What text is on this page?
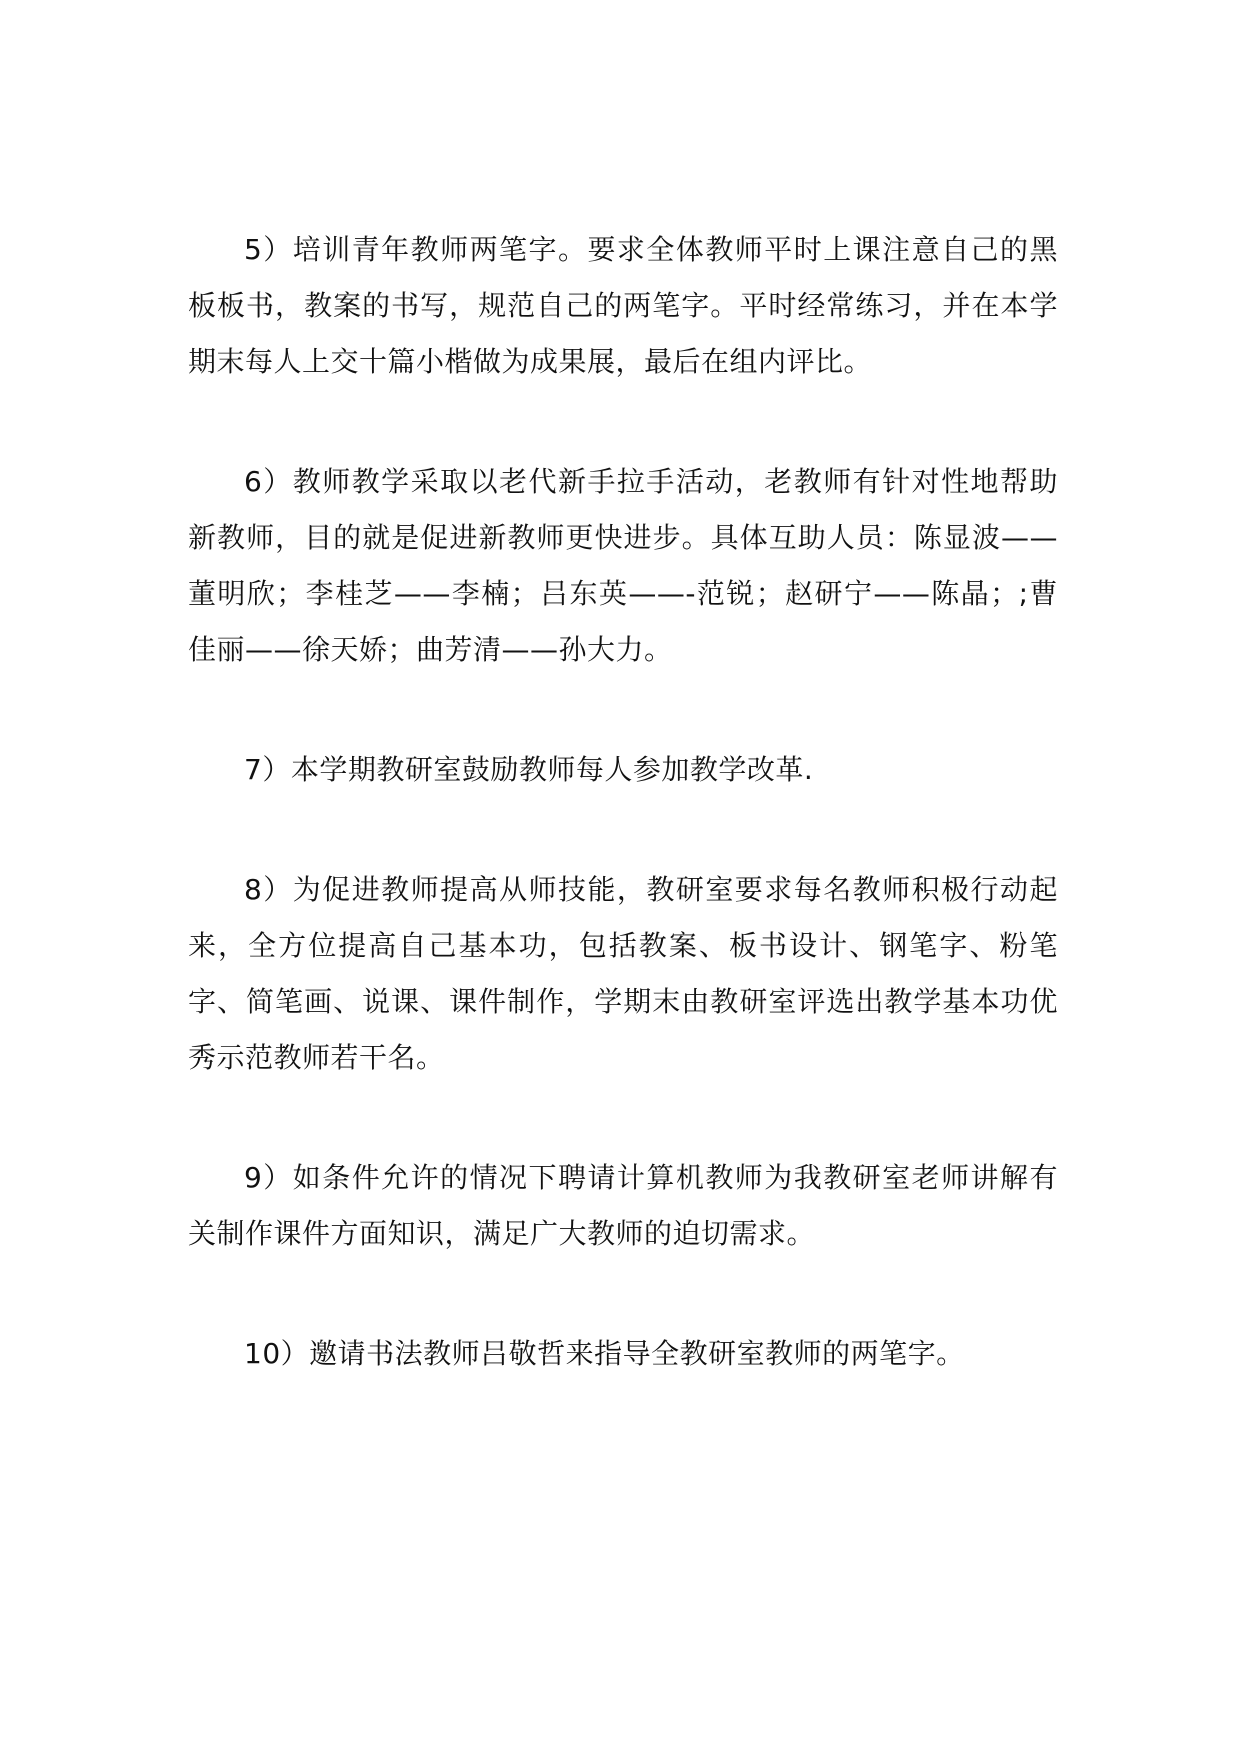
5）培训青年教师两笔字。要求全体教师平时上课注意自己的黑板板书，教案的书写，规范自己的两笔字。平时经常练习，并在本学期末每人上交十篇小楷做为成果展，最后在组内评比。

6）教师教学采取以老代新手拉手活动，老教师有针对性地帮助新教师，目的就是促进新教师更快进步。具体互助人员：陈显波——董明欣；李桂芝——李楠；吕东英——-范锐；赵研宁——陈晶；;曹佳丽——徐天娇；曲芳清——孙大力。

7）本学期教研室鼓励教师每人参加教学改革.

8）为促进教师提高从师技能，教研室要求每名教师积极行动起来，全方位提高自己基本功，包括教案、板书设计、钢笔字、粉笔字、简笔画、说课、课件制作，学期末由教研室评选出教学基本功优秀示范教师若干名。

9）如条件允许的情况下聘请计算机教师为我教研室老师讲解有关制作课件方面知识，满足广大教师的迫切需求。

10）邀请书法教师吕敬哲来指导全教研室教师的两笔字。
